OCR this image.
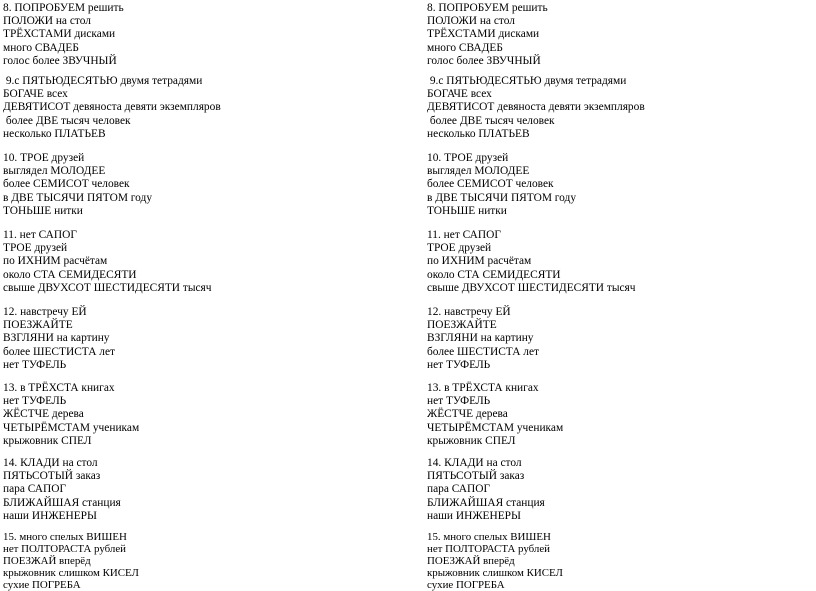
8. ПОПРОБУЕМ решить
ПОЛОЖИ на стол
ТРЁХСТАМИ дисками
много СВАДЕБ
голос более ЗВУЧНЫЙ
9.с ПЯТЬЮДЕСЯТЬЮ двумя тетрадями
БОГАЧЕ всех
ДЕВЯТИСОТ девяноста девяти экземпляров
более ДВЕ тысяч человек
несколько ПЛАТЬЕВ
10. ТРОЕ друзей
выглядел МОЛОДЕЕ
более СЕМИСОТ человек
в ДВЕ ТЫСЯЧИ ПЯТОМ году
ТОНЬШЕ нитки
11. нет САПОГ
ТРОЕ друзей
по ИХНИМ расчётам
около СТА СЕМИДЕСЯТИ
свыше ДВУХСОТ ШЕСТИДЕСЯТИ тысяч
12. навстречу ЕЙ
ПОЕЗЖАЙТЕ
ВЗГЛЯНИ на картину
более ШЕСТИСТА лет
нет ТУФЕЛЬ
13. в ТРЁХСТА книгах
нет ТУФЕЛЬ
ЖЁСТЧЕ дерева
ЧЕТЫРЁМСТАМ ученикам
крыжовник СПЕЛ
14. КЛАДИ на стол
ПЯТЬСОТЫЙ заказ
пара САПОГ
БЛИЖАЙШАЯ станция
наши ИНЖЕНЕРЫ
15. много спелых ВИШЕН
нет ПОЛТОРАСТА рублей
ПОЕЗЖАЙ вперёд
крыжовник слишком КИСЕЛ
сухие ПОГРЕБА
8. ПОПРОБУЕМ решить
ПОЛОЖИ на стол
ТРЁХСТАМИ дисками
много СВАДЕБ
голос более ЗВУЧНЫЙ
9.с ПЯТЬЮДЕСЯТЬЮ двумя тетрадями
БОГАЧЕ всех
ДЕВЯТИСОТ девяноста девяти экземпляров
более ДВЕ тысяч человек
несколько ПЛАТЬЕВ
10. ТРОЕ друзей
выглядел МОЛОДЕЕ
более СЕМИСОТ человек
в ДВЕ ТЫСЯЧИ ПЯТОМ году
ТОНЬШЕ нитки
11. нет САПОГ
ТРОЕ друзей
по ИХНИМ расчётам
около СТА СЕМИДЕСЯТИ
свыше ДВУХСОТ ШЕСТИДЕСЯТИ тысяч
12. навстречу ЕЙ
ПОЕЗЖАЙТЕ
ВЗГЛЯНИ на картину
более ШЕСТИСТА лет
нет ТУФЕЛЬ
13. в ТРЁХСТА книгах
нет ТУФЕЛЬ
ЖЁСТЧЕ дерева
ЧЕТЫРЁМСТАМ ученикам
крыжовник СПЕЛ
14. КЛАДИ на стол
ПЯТЬСОТЫЙ заказ
пара САПОГ
БЛИЖАЙШАЯ станция
наши ИНЖЕНЕРЫ
15. много спелых ВИШЕН
нет ПОЛТОРАСТА рублей
ПОЕЗЖАЙ вперёд
крыжовник слишком КИСЕЛ
сухие ПОГРЕБА
